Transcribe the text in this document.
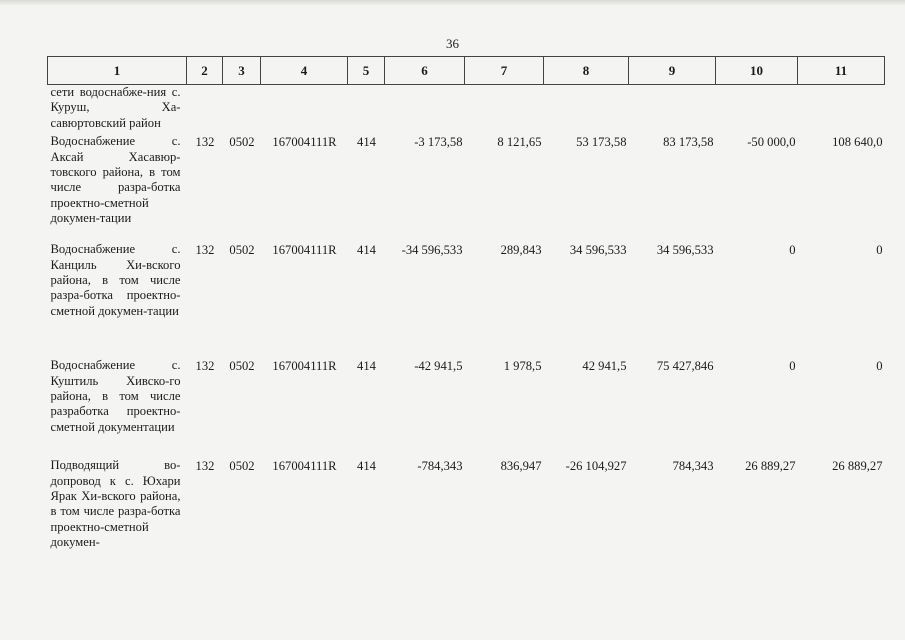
36
1	2	3	4	5	6	7	8	9	10	11
сети водоснабже-ния с. Куруш, Ха-савюртовский район										
Водоснабжение с. Аксай Хасавюр-товского района, в том числе разра-ботка проектно-сметной докумен-тации	132	0502	167004111R	414	-3 173,58	8 121,65	53 173,58	83 173,58	-50 000,0	108 640,0
Водоснабжение с. Канциль Хи-вского района, в том числе разра-ботка проектно-сметной докумен-тации	132	0502	167004111R	414	-34 596,533	289,843	34 596,533	34 596,533	0	0
Водоснабжение с. Куштиль Хивско-го района, в том числе разработка проектно-сметной документации	132	0502	167004111R	414	-42 941,5	1 978,5	42 941,5	75 427,846	0	0
Подводящий во-допровод к с. Юхари Ярак Хи-вского района, в том числе разра-ботка проектно-сметной докумен-	132	0502	167004111R	414	-784,343	836,947	-26 104,927	784,343	26 889,27	26 889,27
